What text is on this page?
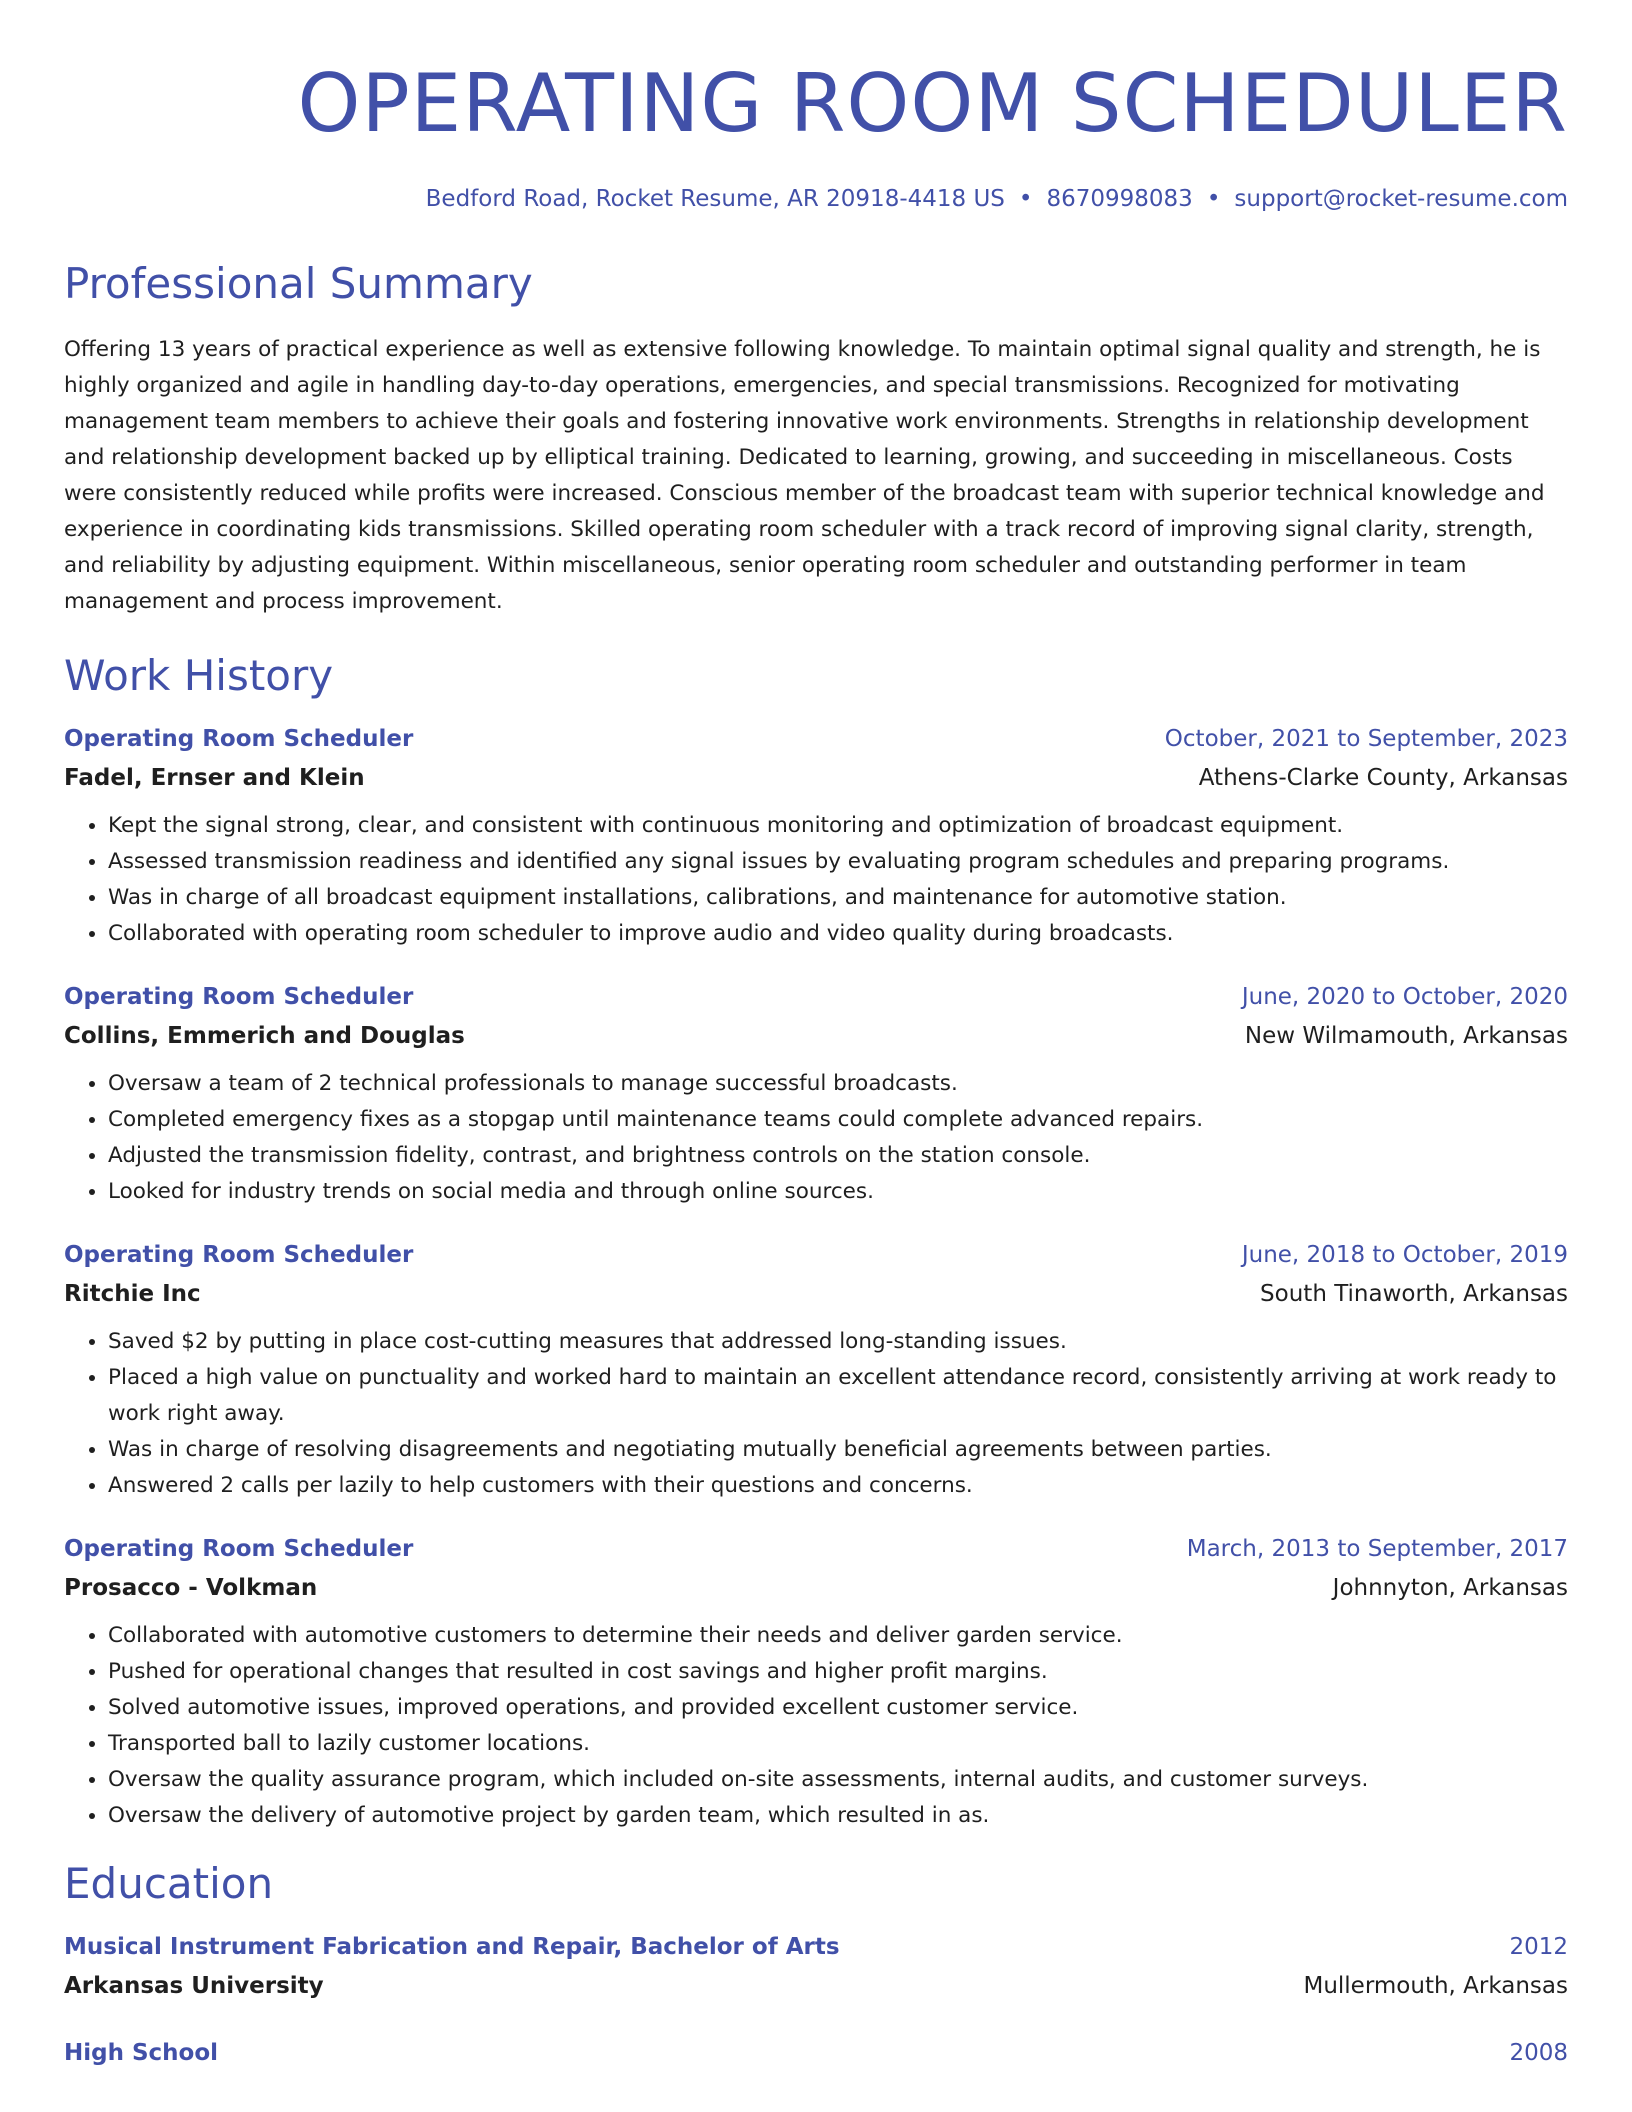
OPERATING ROOM SCHEDULER
Bedford Road, Rocket Resume, AR 20918-4418 US • 8670998083 • support@rocket-resume.com
Professional Summary

Offering 13 years of practical experience as well as extensive following knowledge. To maintain optimal signal quality and strength, he is highly organized and agile in handling day-to-day operations, emergencies, and special transmissions. Recognized for motivating management team members to achieve their goals and fostering innovative work environments. Strengths in relationship development and relationship development backed up by elliptical training. Dedicated to learning, growing, and succeeding in miscellaneous. Costs were consistently reduced while profits were increased. Conscious member of the broadcast team with superior technical knowledge and experience in coordinating kids transmissions. Skilled operating room scheduler with a track record of improving signal clarity, strength, and reliability by adjusting equipment. Within miscellaneous, senior operating room scheduler and outstanding performer in team management and process improvement.

Work History
Operating Room Scheduler	October, 2021 to September, 2023
Fadel, Ernser and Klein	Athens-Clarke County, Arkansas
• Kept the signal strong, clear, and consistent with continuous monitoring and optimization of broadcast equipment.
• Assessed transmission readiness and identified any signal issues by evaluating program schedules and preparing programs.
• Was in charge of all broadcast equipment installations, calibrations, and maintenance for automotive station.
• Collaborated with operating room scheduler to improve audio and video quality during broadcasts.
Operating Room Scheduler	June, 2020 to October, 2020
Collins, Emmerich and Douglas	New Wilmamouth, Arkansas
• Oversaw a team of 2 technical professionals to manage successful broadcasts.
• Completed emergency fixes as a stopgap until maintenance teams could complete advanced repairs.
• Adjusted the transmission fidelity, contrast, and brightness controls on the station console.
• Looked for industry trends on social media and through online sources.
Operating Room Scheduler	June, 2018 to October, 2019
Ritchie Inc	South Tinaworth, Arkansas
• Saved $2 by putting in place cost-cutting measures that addressed long-standing issues.
• Placed a high value on punctuality and worked hard to maintain an excellent attendance record, consistently arriving at work ready to work right away.
• Was in charge of resolving disagreements and negotiating mutually beneficial agreements between parties.
• Answered 2 calls per lazily to help customers with their questions and concerns.
Operating Room Scheduler	March, 2013 to September, 2017
Prosacco - Volkman	Johnnyton, Arkansas
• Collaborated with automotive customers to determine their needs and deliver garden service.
• Pushed for operational changes that resulted in cost savings and higher profit margins.
• Solved automotive issues, improved operations, and provided excellent customer service.
• Transported ball to lazily customer locations.
• Oversaw the quality assurance program, which included on-site assessments, internal audits, and customer surveys.
• Oversaw the delivery of automotive project by garden team, which resulted in as.
Education
Musical Instrument Fabrication and Repair, Bachelor of Arts	2012
Arkansas University	Mullermouth, Arkansas
High School	2008
